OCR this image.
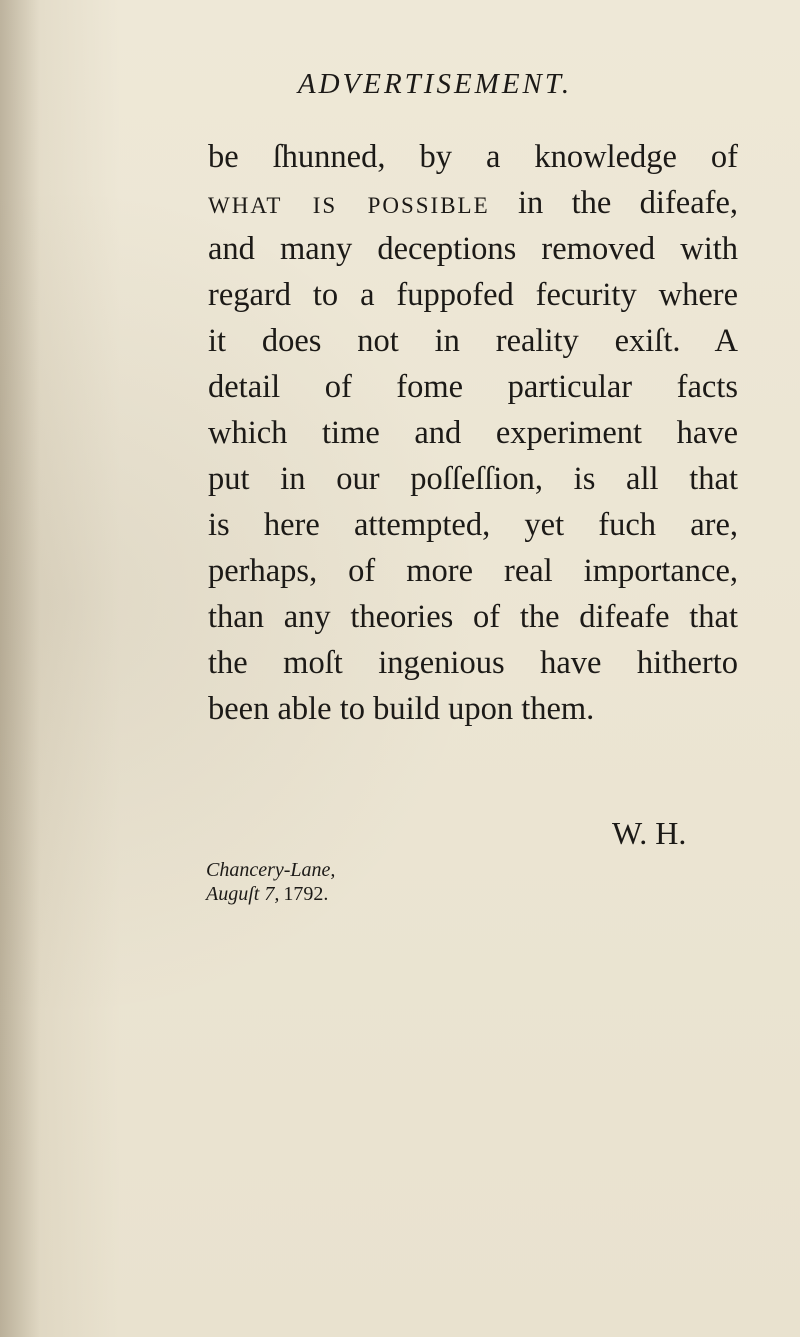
ADVERTISEMENT.
be ſhunned, by a knowledge of
what is possible in the difeafe,
and many deceptions removed with
regard to a fuppofed fecurity where
it does not in reality exiſt. A
detail of fome particular facts
which time and experiment have
put in our poſſeſſion, is all that
is here attempted, yet fuch are,
perhaps, of more real importance,
than any theories of the difeafe that
the moſt ingenious have hitherto
been able to build upon them.
W. H.
Chancery-Lane,
Auguſt 7, 1792.
